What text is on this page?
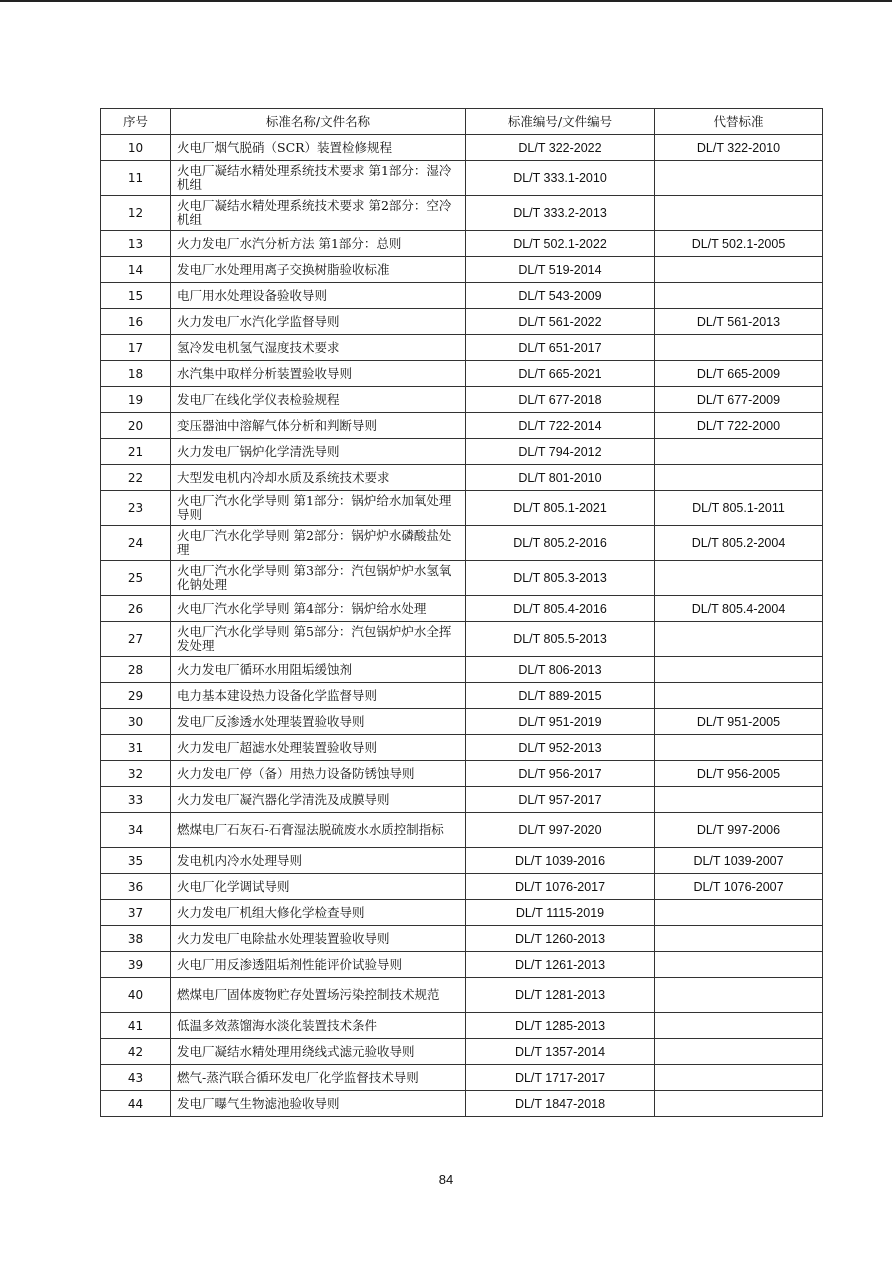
序号	标准名称/文件名称	标准编号/文件编号	代替标准
10	火电厂烟气脱硝（SCR）装置检修规程	DL/T 322-2022	DL/T 322-2010
11	火电厂凝结水精处理系统技术要求 第1部分：湿冷机组	DL/T 333.1-2010	
12	火电厂凝结水精处理系统技术要求 第2部分：空冷机组	DL/T 333.2-2013	
13	火力发电厂水汽分析方法 第1部分：总则	DL/T 502.1-2022	DL/T 502.1-2005
14	发电厂水处理用离子交换树脂验收标准	DL/T 519-2014	
15	电厂用水处理设备验收导则	DL/T 543-2009	
16	火力发电厂水汽化学监督导则	DL/T 561-2022	DL/T 561-2013
17	氢冷发电机氢气湿度技术要求	DL/T 651-2017	
18	水汽集中取样分析装置验收导则	DL/T 665-2021	DL/T 665-2009
19	发电厂在线化学仪表检验规程	DL/T 677-2018	DL/T 677-2009
20	变压器油中溶解气体分析和判断导则	DL/T 722-2014	DL/T 722-2000
21	火力发电厂锅炉化学清洗导则	DL/T 794-2012	
22	大型发电机内冷却水质及系统技术要求	DL/T 801-2010	
23	火电厂汽水化学导则 第1部分：锅炉给水加氧处理导则	DL/T 805.1-2021	DL/T 805.1-2011
24	火电厂汽水化学导则 第2部分：锅炉炉水磷酸盐处理	DL/T 805.2-2016	DL/T 805.2-2004
25	火电厂汽水化学导则 第3部分：汽包锅炉炉水氢氧化钠处理	DL/T 805.3-2013	
26	火电厂汽水化学导则 第4部分：锅炉给水处理	DL/T 805.4-2016	DL/T 805.4-2004
27	火电厂汽水化学导则 第5部分：汽包锅炉炉水全挥发处理	DL/T 805.5-2013	
28	火力发电厂循环水用阻垢缓蚀剂	DL/T 806-2013	
29	电力基本建设热力设备化学监督导则	DL/T 889-2015	
30	发电厂反渗透水处理装置验收导则	DL/T 951-2019	DL/T 951-2005
31	火力发电厂超滤水处理装置验收导则	DL/T 952-2013	
32	火力发电厂停（备）用热力设备防锈蚀导则	DL/T 956-2017	DL/T 956-2005
33	火力发电厂凝汽器化学清洗及成膜导则	DL/T 957-2017	
34	燃煤电厂石灰石-石膏湿法脱硫废水水质控制指标	DL/T 997-2020	DL/T 997-2006
35	发电机内冷水处理导则	DL/T 1039-2016	DL/T 1039-2007
36	火电厂化学调试导则	DL/T 1076-2017	DL/T 1076-2007
37	火力发电厂机组大修化学检查导则	DL/T 1115-2019	
38	火力发电厂电除盐水处理装置验收导则	DL/T 1260-2013	
39	火电厂用反渗透阻垢剂性能评价试验导则	DL/T 1261-2013	
40	燃煤电厂固体废物贮存处置场污染控制技术规范	DL/T 1281-2013	
41	低温多效蒸馏海水淡化装置技术条件	DL/T 1285-2013	
42	发电厂凝结水精处理用绕线式滤元验收导则	DL/T 1357-2014	
43	燃气-蒸汽联合循环发电厂化学监督技术导则	DL/T 1717-2017	
44	发电厂曝气生物滤池验收导则	DL/T 1847-2018	
84
